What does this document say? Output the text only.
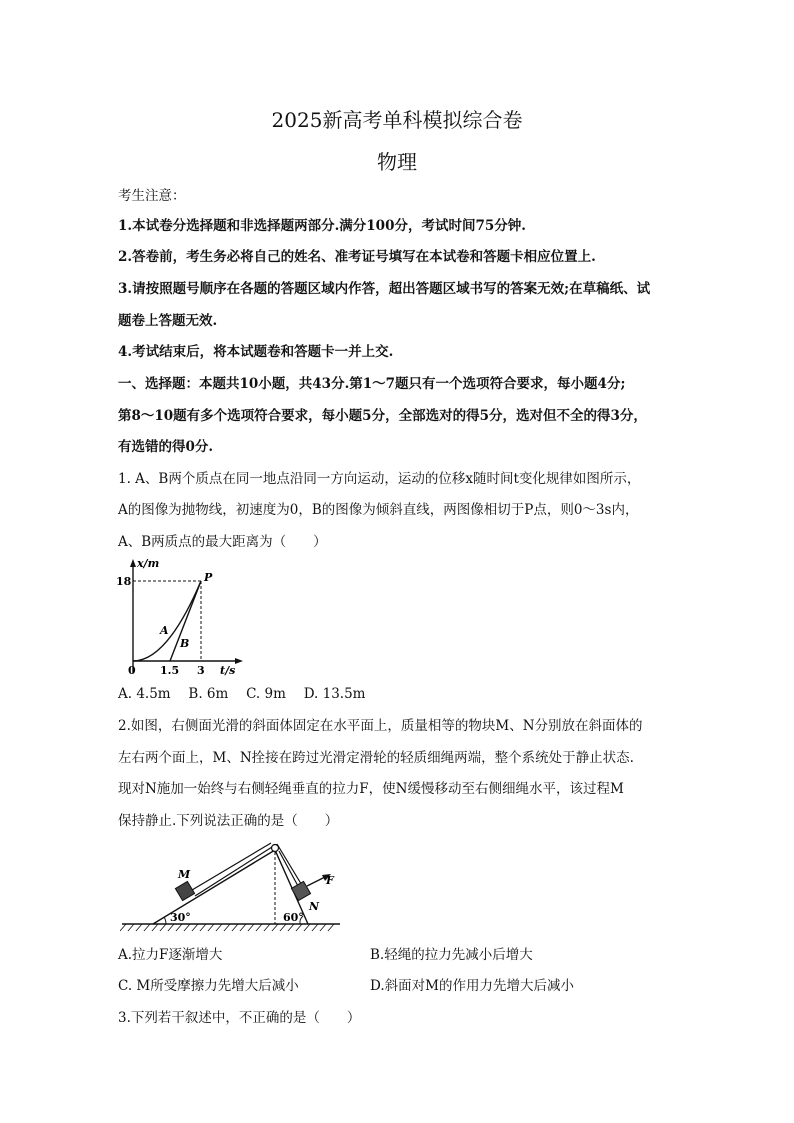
2025新高考单科模拟综合卷
物理
考生注意：
1.本试卷分选择题和非选择题两部分.满分100分，考试时间75分钟.
2.答卷前，考生务必将自己的姓名、准考证号填写在本试卷和答题卡相应位置上.
3.请按照题号顺序在各题的答题区域内作答，超出答题区域书写的答案无效;在草稿纸、试
题卷上答题无效.
4.考试结束后，将本试题卷和答题卡一并上交.
一、选择题：本题共10小题，共43分.第1～7题只有一个选项符合要求，每小题4分;
第8～10题有多个选项符合要求，每小题5分，全部选对的得5分，选对但不全的得3分，
有选错的得0分.
1. A、B两个质点在同一地点沿同一方向运动，运动的位移x随时间t变化规律如图所示，
A的图像为抛物线，初速度为0，B的图像为倾斜直线，两图像相切于P点，则0～3s内，
A、B两质点的最大距离为（　　）
x/m
18	P
A
B
0 1.5 3 t/s
A. 4.5m　 B. 6m　 C. 9m　 D. 13.5m
2.如图，右侧面光滑的斜面体固定在水平面上，质量相等的物块M、N分别放在斜面体的
左右两个面上，M、N拴接在跨过光滑定滑轮的轻质细绳两端，整个系统处于静止状态.
现对N施加一始终与右侧轻绳垂直的拉力F，使N缓慢移动至右侧细绳水平，该过程M
保持静止.下列说法正确的是（　　）
M
N
F
30°	60°
A.拉力F逐渐增大	B.轻绳的拉力先减小后增大
C. M所受摩擦力先增大后减小	D.斜面对M的作用力先增大后减小
3.下列若干叙述中，不正确的是（　　）
